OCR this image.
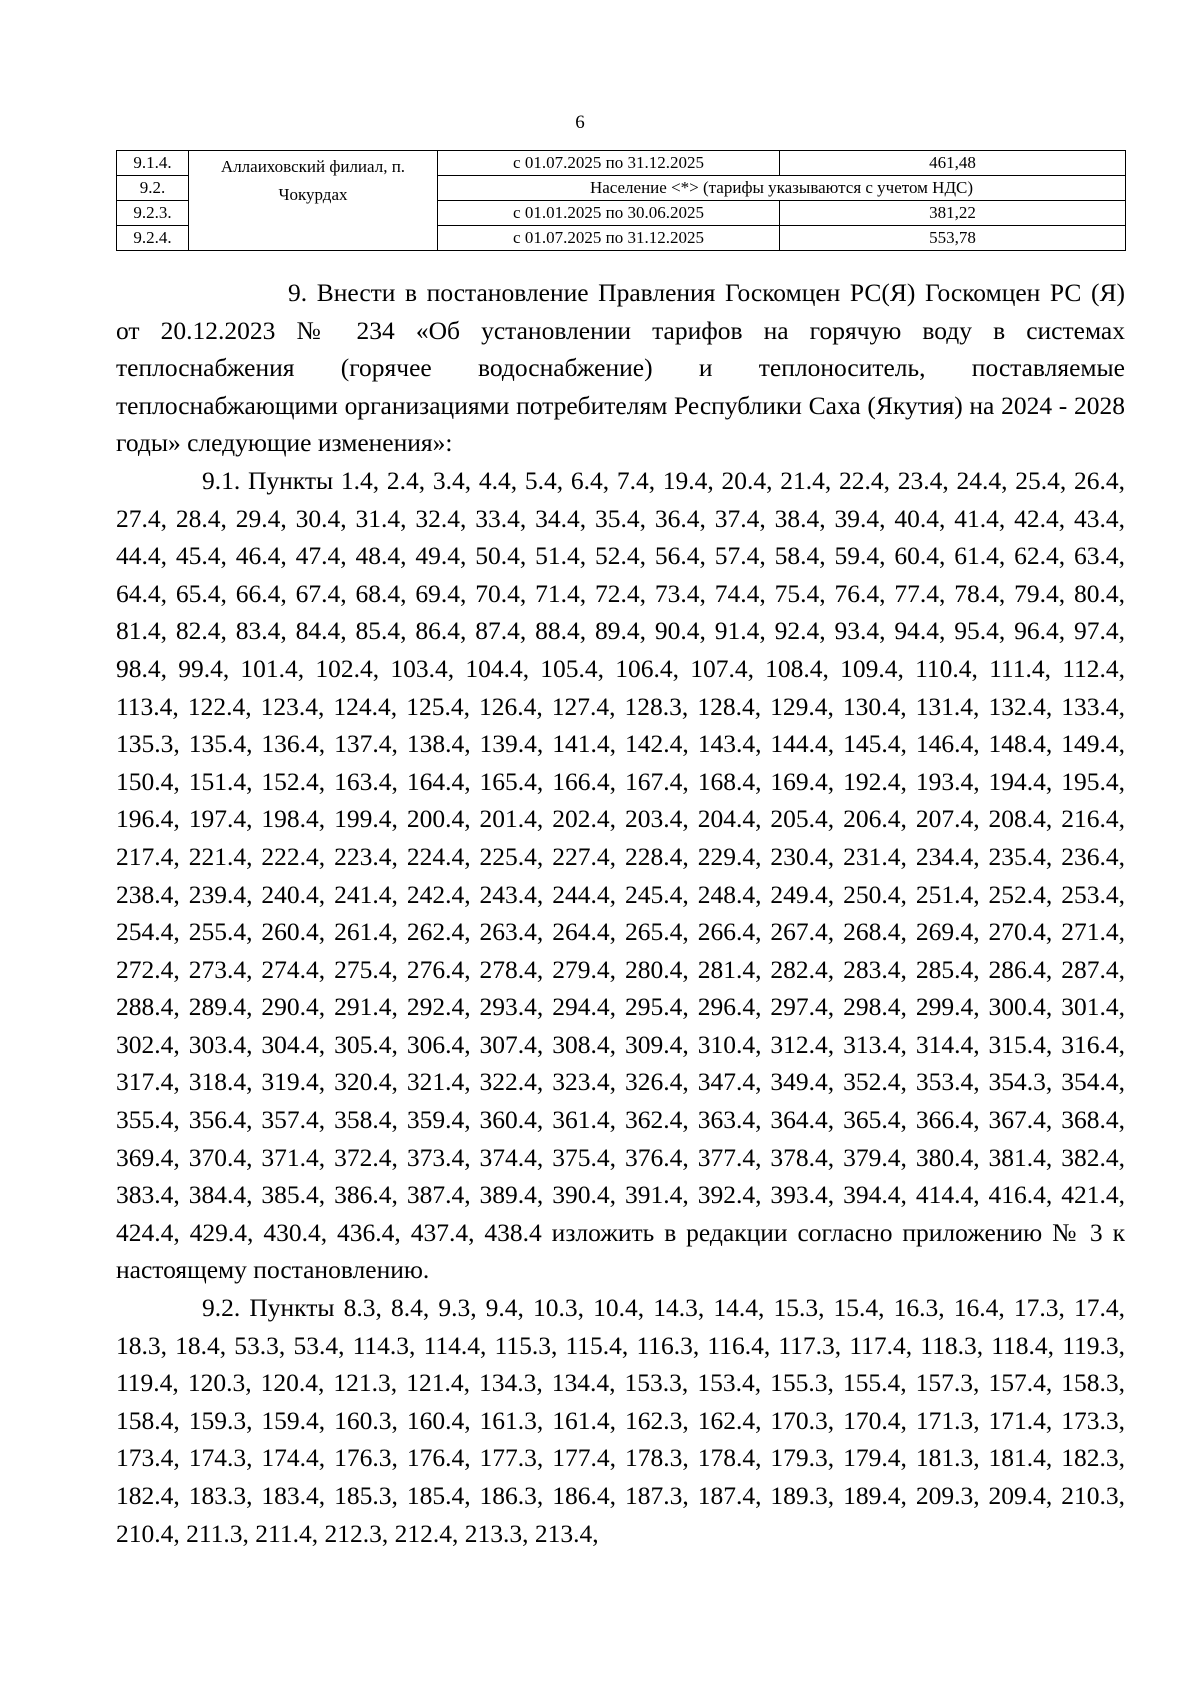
6
9.1.4.	Аллаиховский филиал, п. Чокурдах	с 01.07.2025 по 31.12.2025	461,48
9.2.		Население <*> (тарифы указываются с учетом НДС)	
9.2.3.		с 01.01.2025 по 30.06.2025	381,22
9.2.4.		с 01.07.2025 по 31.12.2025	553,78

9. Внести в постановление Правления Госкомцен РС(Я) Госкомцен РС (Я) от 20.12.2023 № 234 «Об установлении тарифов на горячую воду в системах теплоснабжения (горячее водоснабжение) и теплоноситель, поставляемые теплоснабжающими организациями потребителям Республики Саха (Якутия) на 2024 - 2028 годы» следующие изменения»:

9.1. Пункты 1.4, 2.4, 3.4, 4.4, 5.4, 6.4, 7.4, 19.4, 20.4, 21.4, 22.4, 23.4, 24.4, 25.4, 26.4, 27.4, 28.4, 29.4, 30.4, 31.4, 32.4, 33.4, 34.4, 35.4, 36.4, 37.4, 38.4, 39.4, 40.4, 41.4, 42.4, 43.4, 44.4, 45.4, 46.4, 47.4, 48.4, 49.4, 50.4, 51.4, 52.4, 56.4, 57.4, 58.4, 59.4, 60.4, 61.4, 62.4, 63.4, 64.4, 65.4, 66.4, 67.4, 68.4, 69.4, 70.4, 71.4, 72.4, 73.4, 74.4, 75.4, 76.4, 77.4, 78.4, 79.4, 80.4, 81.4, 82.4, 83.4, 84.4, 85.4, 86.4, 87.4, 88.4, 89.4, 90.4, 91.4, 92.4, 93.4, 94.4, 95.4, 96.4, 97.4, 98.4, 99.4, 101.4, 102.4, 103.4, 104.4, 105.4, 106.4, 107.4, 108.4, 109.4, 110.4, 111.4, 112.4, 113.4, 122.4, 123.4, 124.4, 125.4, 126.4, 127.4, 128.3, 128.4, 129.4, 130.4, 131.4, 132.4, 133.4, 135.3, 135.4, 136.4, 137.4, 138.4, 139.4, 141.4, 142.4, 143.4, 144.4, 145.4, 146.4, 148.4, 149.4, 150.4, 151.4, 152.4, 163.4, 164.4, 165.4, 166.4, 167.4, 168.4, 169.4, 192.4, 193.4, 194.4, 195.4, 196.4, 197.4, 198.4, 199.4, 200.4, 201.4, 202.4, 203.4, 204.4, 205.4, 206.4, 207.4, 208.4, 216.4, 217.4, 221.4, 222.4, 223.4, 224.4, 225.4, 227.4, 228.4, 229.4, 230.4, 231.4, 234.4, 235.4, 236.4, 238.4, 239.4, 240.4, 241.4, 242.4, 243.4, 244.4, 245.4, 248.4, 249.4, 250.4, 251.4, 252.4, 253.4, 254.4, 255.4, 260.4, 261.4, 262.4, 263.4, 264.4, 265.4, 266.4, 267.4, 268.4, 269.4, 270.4, 271.4, 272.4, 273.4, 274.4, 275.4, 276.4, 278.4, 279.4, 280.4, 281.4, 282.4, 283.4, 285.4, 286.4, 287.4, 288.4, 289.4, 290.4, 291.4, 292.4, 293.4, 294.4, 295.4, 296.4, 297.4, 298.4, 299.4, 300.4, 301.4, 302.4, 303.4, 304.4, 305.4, 306.4, 307.4, 308.4, 309.4, 310.4, 312.4, 313.4, 314.4, 315.4, 316.4, 317.4, 318.4, 319.4, 320.4, 321.4, 322.4, 323.4, 326.4, 347.4, 349.4, 352.4, 353.4, 354.3, 354.4, 355.4, 356.4, 357.4, 358.4, 359.4, 360.4, 361.4, 362.4, 363.4, 364.4, 365.4, 366.4, 367.4, 368.4, 369.4, 370.4, 371.4, 372.4, 373.4, 374.4, 375.4, 376.4, 377.4, 378.4, 379.4, 380.4, 381.4, 382.4, 383.4, 384.4, 385.4, 386.4, 387.4, 389.4, 390.4, 391.4, 392.4, 393.4, 394.4, 414.4, 416.4, 421.4, 424.4, 429.4, 430.4, 436.4, 437.4, 438.4 изложить в редакции согласно приложению № 3 к настоящему постановлению.

9.2. Пункты 8.3, 8.4, 9.3, 9.4, 10.3, 10.4, 14.3, 14.4, 15.3, 15.4, 16.3, 16.4, 17.3, 17.4, 18.3, 18.4, 53.3, 53.4, 114.3, 114.4, 115.3, 115.4, 116.3, 116.4, 117.3, 117.4, 118.3, 118.4, 119.3, 119.4, 120.3, 120.4, 121.3, 121.4, 134.3, 134.4, 153.3, 153.4, 155.3, 155.4, 157.3, 157.4, 158.3, 158.4, 159.3, 159.4, 160.3, 160.4, 161.3, 161.4, 162.3, 162.4, 170.3, 170.4, 171.3, 171.4, 173.3, 173.4, 174.3, 174.4, 176.3, 176.4, 177.3, 177.4, 178.3, 178.4, 179.3, 179.4, 181.3, 181.4, 182.3, 182.4, 183.3, 183.4, 185.3, 185.4, 186.3, 186.4, 187.3, 187.4, 189.3, 189.4, 209.3, 209.4, 210.3, 210.4, 211.3, 211.4, 212.3, 212.4, 213.3, 213.4,
